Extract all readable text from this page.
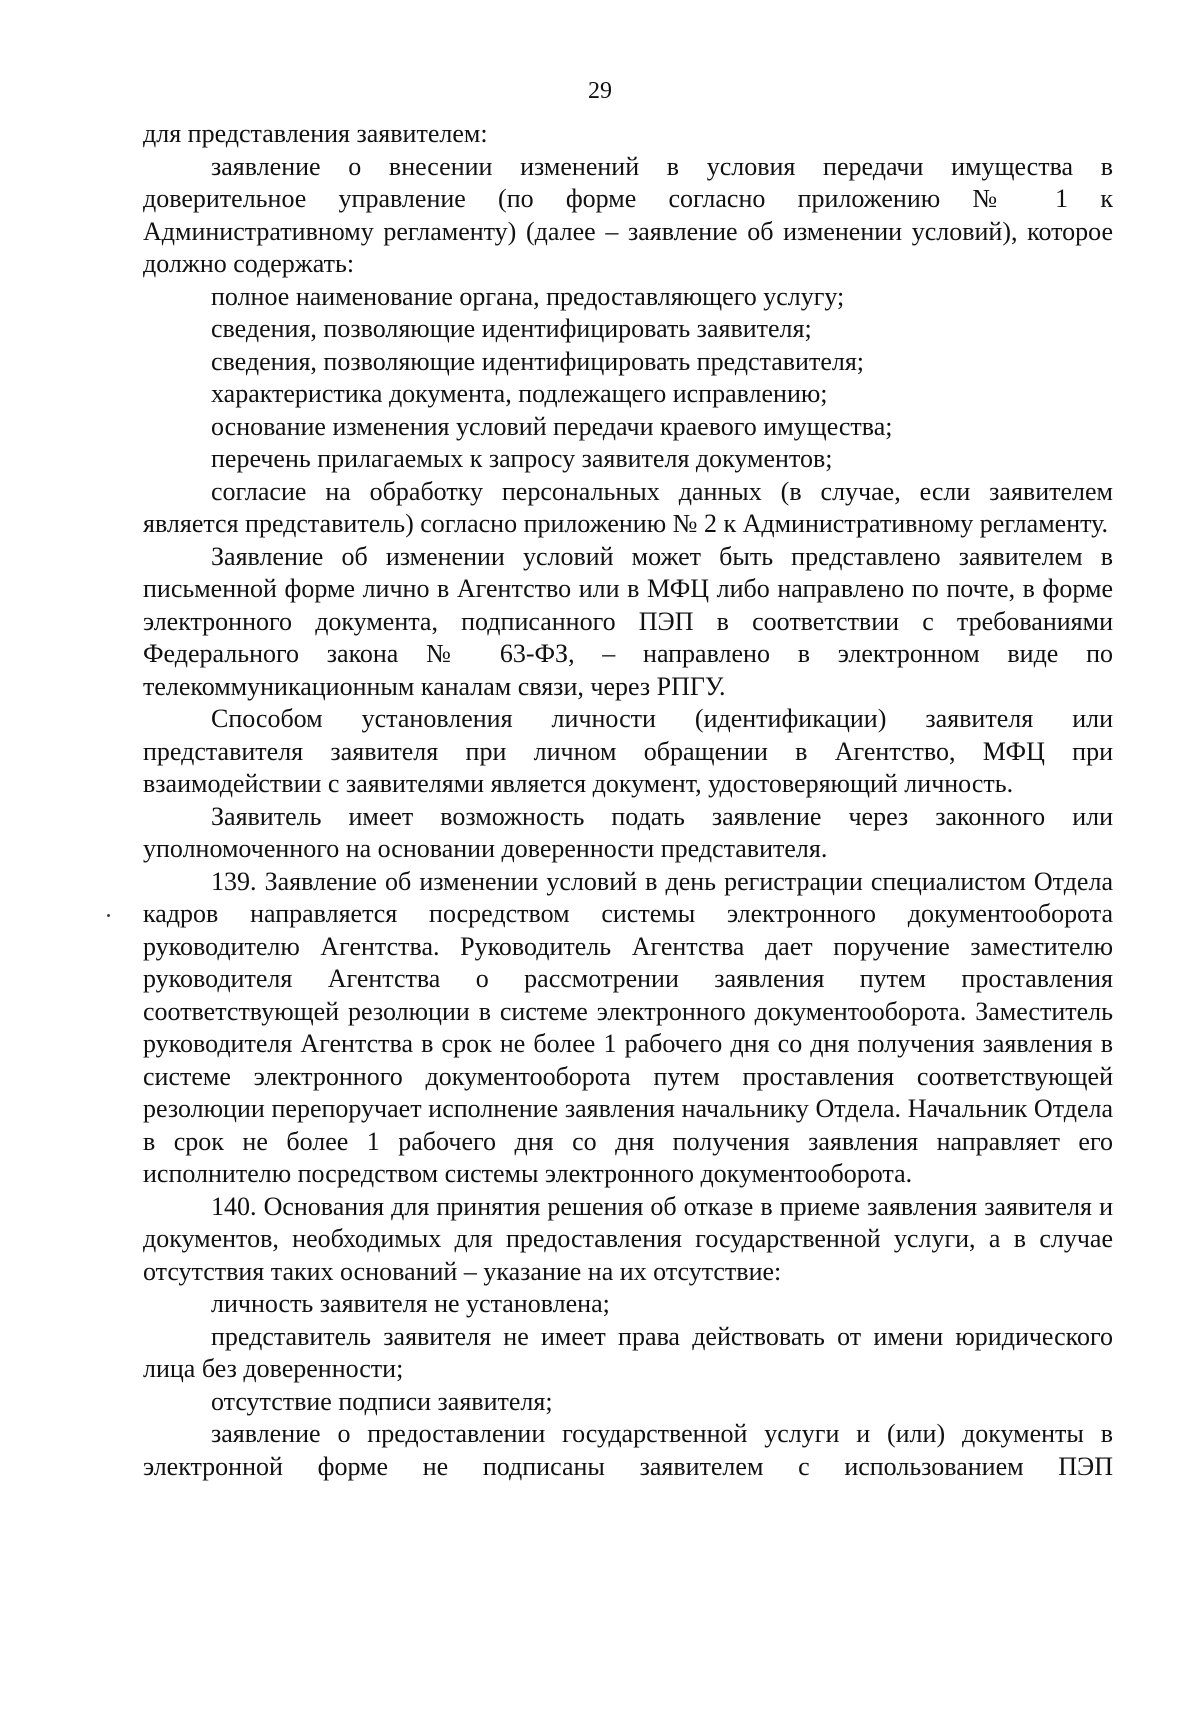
29

для представления заявителем:

заявление о внесении изменений в условия передачи имущества в доверительное управление (по форме согласно приложению № 1 к Административному регламенту) (далее – заявление об изменении условий), которое должно содержать:

полное наименование органа, предоставляющего услугу;

сведения, позволяющие идентифицировать заявителя;

сведения, позволяющие идентифицировать представителя;

характеристика документа, подлежащего исправлению;

основание изменения условий передачи краевого имущества;

перечень прилагаемых к запросу заявителя документов;

согласие на обработку персональных данных (в случае, если заявителем является представитель) согласно приложению № 2 к Административному регламенту.

Заявление об изменении условий может быть представлено заявителем в письменной форме лично в Агентство или в МФЦ либо направлено по почте, в форме электронного документа, подписанного ПЭП в соответствии с требованиями Федерального закона № 63-ФЗ, – направлено в электронном виде по телекоммуникационным каналам связи, через РПГУ.

Способом установления личности (идентификации) заявителя или представителя заявителя при личном обращении в Агентство, МФЦ при взаимодействии с заявителями является документ, удостоверяющий личность.

Заявитель имеет возможность подать заявление через законного или уполномоченного на основании доверенности представителя.

139. Заявление об изменении условий в день регистрации специалистом Отдела кадров направляется посредством системы электронного документооборота руководителю Агентства. Руководитель Агентства дает поручение заместителю руководителя Агентства о рассмотрении заявления путем проставления соответствующей резолюции в системе электронного документооборота. Заместитель руководителя Агентства в срок не более 1 рабочего дня со дня получения заявления в системе электронного документооборота путем проставления соответствующей резолюции перепоручает исполнение заявления начальнику Отдела. Начальник Отдела в срок не более 1 рабочего дня со дня получения заявления направляет его исполнителю посредством системы электронного документооборота.

140. Основания для принятия решения об отказе в приеме заявления заявителя и документов, необходимых для предоставления государственной услуги, а в случае отсутствия таких оснований – указание на их отсутствие:

личность заявителя не установлена;

представитель заявителя не имеет права действовать от имени юридического лица без доверенности;

отсутствие подписи заявителя;

заявление о предоставлении государственной услуги и (или) документы в электронной форме не подписаны заявителем с использованием ПЭП
